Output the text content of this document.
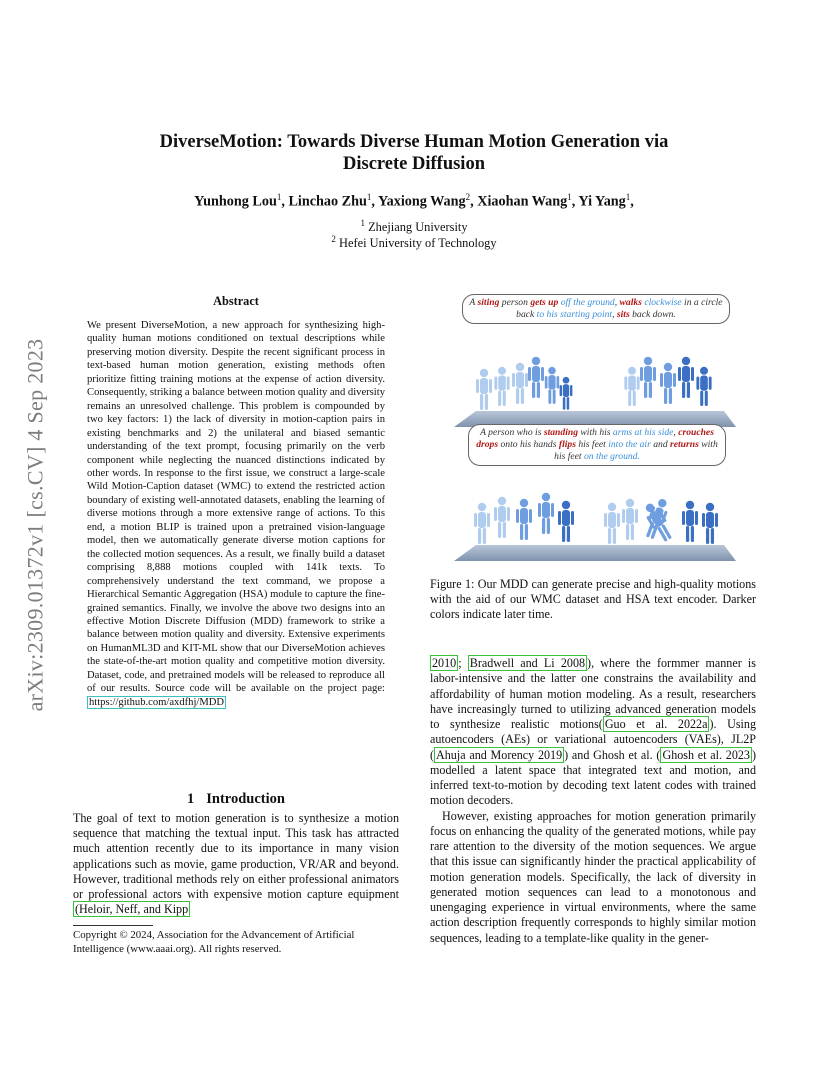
arXiv:2309.01372v1 [cs.CV] 4 Sep 2023
DiverseMotion: Towards Diverse Human Motion Generation via
Discrete Diffusion
Yunhong Lou$^1$, Linchao Zhu$^1$, Yaxiong Wang$^2$, Xiaohan Wang$^1$, Yi Yang$^1$,
$^1$ Zhejiang University
$^2$ Hefei University of Technology
Abstract
We present DiverseMotion, a new approach for synthesizing high-quality human motions conditioned on textual descriptions while preserving motion diversity. Despite the recent significant process in text-based human motion generation, existing methods often prioritize fitting training motions at the expense of action diversity. Consequently, striking a balance between motion quality and diversity remains an unresolved challenge. This problem is compounded by two key factors: 1) the lack of diversity in motion-caption pairs in existing benchmarks and 2) the unilateral and biased semantic understanding of the text prompt, focusing primarily on the verb component while neglecting the nuanced distinctions indicated by other words. In response to the first issue, we construct a large-scale Wild Motion-Caption dataset (WMC) to extend the restricted action boundary of existing well-annotated datasets, enabling the learning of diverse motions through a more extensive range of actions. To this end, a motion BLIP is trained upon a pretrained vision-language model, then we automatically generate diverse motion captions for the collected motion sequences. As a result, we finally build a dataset comprising 8,888 motions coupled with 141k texts. To comprehensively understand the text command, we propose a Hierarchical Semantic Aggregation (HSA) module to capture the fine-grained semantics. Finally, we involve the above two designs into an effective Motion Discrete Diffusion (MDD) framework to strike a balance between motion quality and diversity. Extensive experiments on HumanML3D and KIT-ML show that our DiverseMotion achieves the state-of-the-art motion quality and competitive motion diversity. Dataset, code, and pretrained models will be released to reproduce all of our results. Source code will be available on the project page: https://github.com/axdfhj/MDD
A siting person gets up off the ground, walks clockwise in a circle back to his starting point, sits back down.
A person who is standing with his arms at his side, crouches drops onto his hands flips his feet into the air and returns with his feet on the ground.
Figure 1: Our MDD can generate precise and high-quality motions with the aid of our WMC dataset and HSA text encoder. Darker colors indicate later time.

2010 ; Bradwell and Li 2008 ), where the formmer manner is labor-intensive and the latter one constrains the availability and affordability of human motion modeling. As a result, researchers have increasingly turned to utilizing advanced generation models to synthesize realistic motions( Guo et al. 2022a ). Using autoencoders (AEs) or variational autoencoders (VAEs), JL2P ( Ahuja and Morency 2019 ) and Ghosh et al. ( Ghosh et al. 2023 ) modelled a latent space that integrated text and motion, and inferred text-to-motion by decoding text latent codes with trained motion decoders.

However, existing approaches for motion generation primarily focus on enhancing the quality of the generated motions, while pay rare attention to the diversity of the motion sequences. We argue that this issue can significantly hinder the practical applicability of motion generation models. Specifically, the lack of diversity in generated motion sequences can lead to a monotonous and unengaging experience in virtual environments, where the same action description frequently corresponds to highly similar motion sequences, leading to a template-like quality in the gener-

1 Introduction
The goal of text to motion generation is to synthesize a motion sequence that matching the textual input. This task has attracted much attention recently due to its importance in many vision applications such as movie, game production, VR/AR and beyond. However, traditional methods rely on either professional animators or professional actors with expensive motion capture equipment (Heloir, Neff, and Kipp
Copyright © 2024, Association for the Advancement of Artificial Intelligence (www.aaai.org). All rights reserved.
